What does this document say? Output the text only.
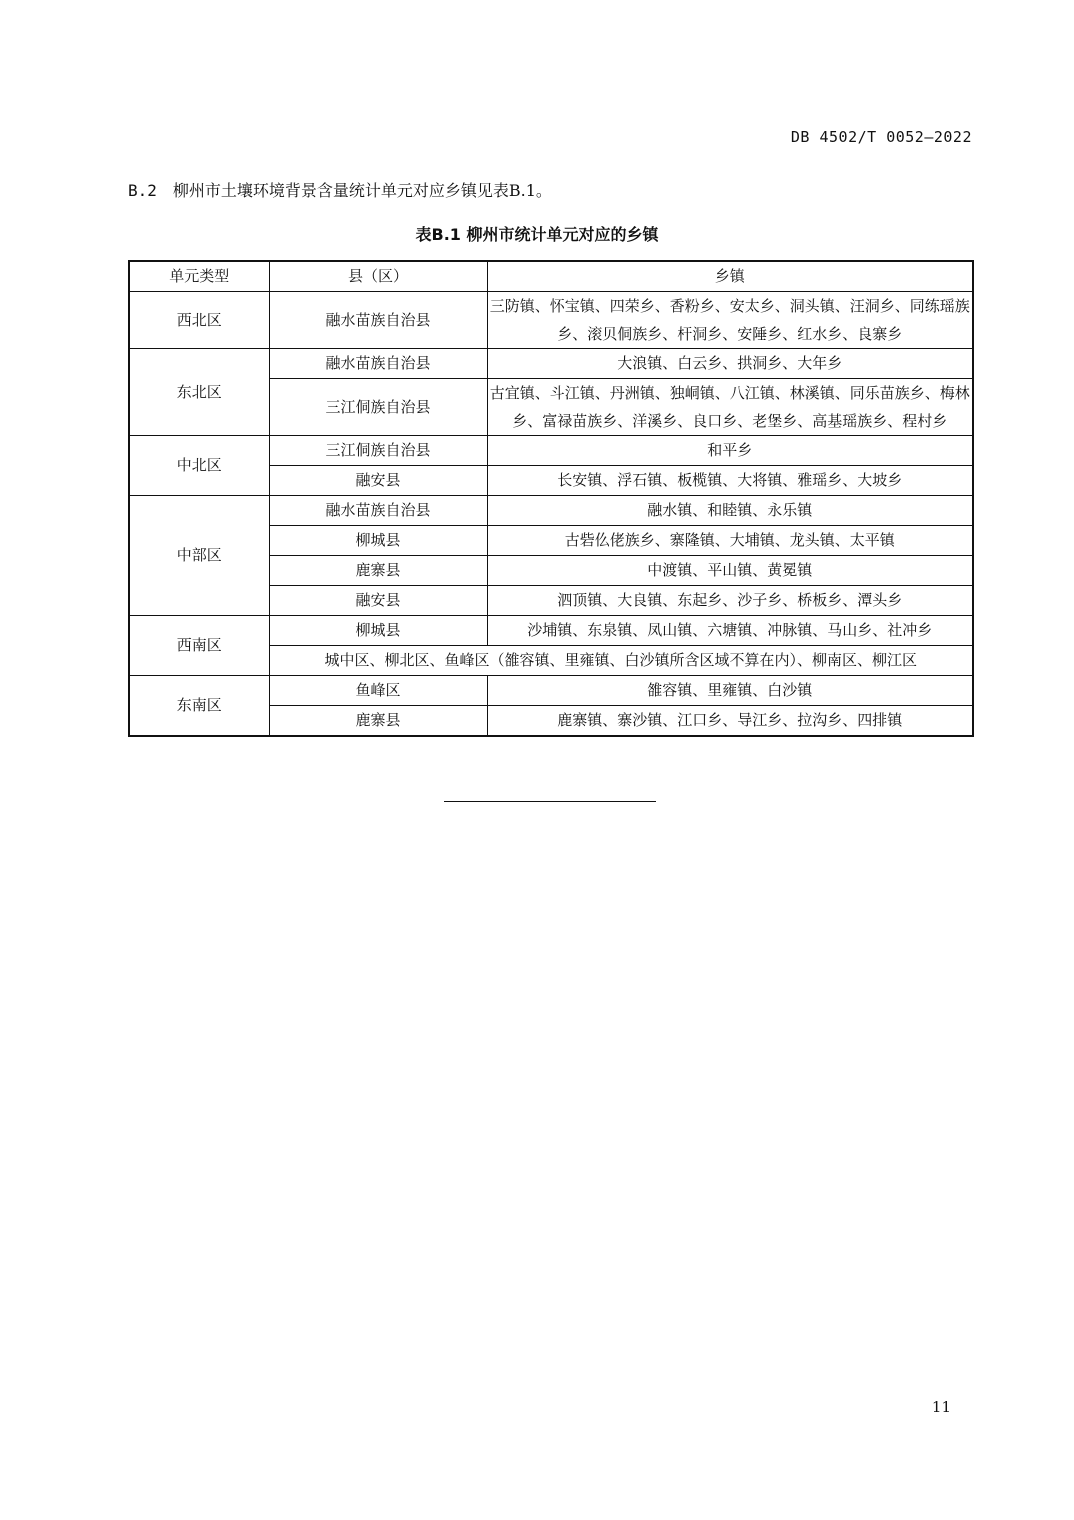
DB 4502/T 0052—2022
B.2 柳州市土壤环境背景含量统计单元对应乡镇见表B.1。
表B.1 柳州市统计单元对应的乡镇
单元类型	县（区）	乡镇
西北区	融水苗族自治县	三防镇、怀宝镇、四荣乡、香粉乡、安太乡、洞头镇、汪洞乡、同练瑶族乡、滚贝侗族乡、杆洞乡、安陲乡、红水乡、良寨乡
东北区	融水苗族自治县	大浪镇、白云乡、拱洞乡、大年乡
	三江侗族自治县	古宜镇、斗江镇、丹洲镇、独峒镇、八江镇、林溪镇、同乐苗族乡、梅林乡、富禄苗族乡、洋溪乡、良口乡、老堡乡、高基瑶族乡、程村乡
中北区	三江侗族自治县	和平乡
	融安县	长安镇、浮石镇、板榄镇、大将镇、雅瑶乡、大坡乡
中部区	融水苗族自治县	融水镇、和睦镇、永乐镇
	柳城县	古砦仫佬族乡、寨隆镇、大埔镇、龙头镇、太平镇
	鹿寨县	中渡镇、平山镇、黄冕镇
	融安县	泗顶镇、大良镇、东起乡、沙子乡、桥板乡、潭头乡
西南区	柳城县	沙埔镇、东泉镇、凤山镇、六塘镇、冲脉镇、马山乡、社冲乡
	城中区、柳北区、鱼峰区（雒容镇、里雍镇、白沙镇所含区域不算在内）、柳南区、柳江区	
东南区	鱼峰区	雒容镇、里雍镇、白沙镇
	鹿寨县	鹿寨镇、寨沙镇、江口乡、导江乡、拉沟乡、四排镇
11
